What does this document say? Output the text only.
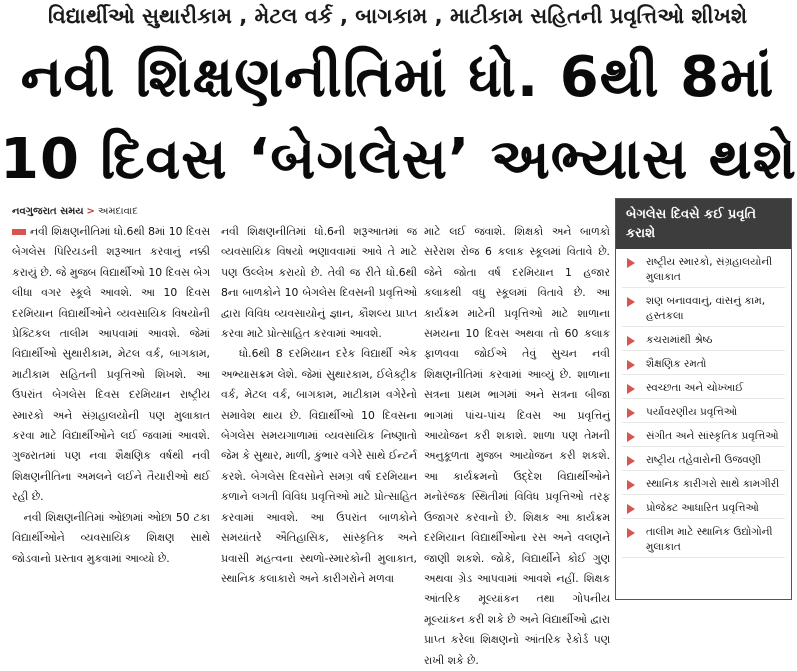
વિદ્યાર્થીઓ સુથારીકામ , મેટલ વર્ક , બાગકામ , માટીકામ સહિતની પ્રવૃત્તિઓ શીખશે
નવી શિક્ષણનીતિમાં ધો. 6થી 8માં
10 દિવસ ‘બેગલેસ’ અભ્યાસ થશે
નવગુજરાત સમય > અમદાવાદ

નવી શિક્ષણનીતિમાં ધો.6થી 8માં 10 દિવસ બેગલેસ પિરિયડની શરૂઆત કરવાનું નક્કી કરાયું છે. જે મુજબ વિદ્યાર્થીઓ 10 દિવસ બેગ લીધા વગર સ્કૂલે આવશે. આ 10 દિવસ દરમિયાન વિદ્યાર્થીઓને વ્યવસાયિક વિષયોની પ્રેક્ટિકલ તાલીમ આપવામાં આવશે. જેમાં વિદ્યાર્થીઓ સુથારીકામ, મેટલ વર્ક, બાગકામ, માટીકામ સહિતની પ્રવૃત્તિઓ શિખશે. આ ઉપરાંત બેગલેસ દિવસ દરમિયાન રાષ્ટ્રીય સ્મારકો અને સંગ્રહાલયોની પણ મુલાકાત કરવા માટે વિદ્યાર્થીઓને લઈ જવામાં આવશે. ગુજરાતમાં પણ નવા શૈક્ષણિક વર્ષથી નવી શિક્ષણનીતિના અમલને લઈને તૈયારીઓ થઈ રહી છે.

નવી શિક્ષણનીતિમાં ઓછામાં ઓછા 50 ટકા વિદ્યાર્થીઓને વ્યવસાયિક શિક્ષણ સાથે જોડવાનો પ્રસ્તાવ મુકવામાં આવ્યો છે.

નવી શિક્ષણનીતિમાં ધો.6ની શરૂઆતમાં જ વ્યવસાયિક વિષયો ભણાવવામાં આવે તે માટે પણ ઉલ્લેખ કરાયો છે. તેવી જ રીતે ધો.6થી 8ના બાળકોને 10 બેગલેસ દિવસની પ્રવૃત્તિઓ દ્વારા વિવિધ વ્યવસાયોનું જ્ઞાન, કૌશલ્ય પ્રાપ્ત કરવા માટે પ્રોત્સાહિત કરવામાં આવશે.

ધો.6થી 8 દરમિયાન દરેક વિદ્યાર્થી એક અભ્યાસક્રમ લેશે. જેમાં સુથારકામ, ઈલેક્ટ્રીક વર્ક, મેટલ વર્ક, બાગકામ, માટીકામ વગેરેનો સમાવેશ થાય છે. વિદ્યાર્થીઓ 10 દિવસના બેગલેસ સમયગાળામાં વ્યવસાયિક નિષ્ણાતો જેમ કે સુથાર, માળી, કુંભાર વગેરે સાથે ઈન્ટર્ન કરશે. બેગલેસ દિવસોને સમગ્ર વર્ષ દરમિયાન કળાને લગતી વિવિધ પ્રવૃત્તિઓ માટે પ્રોત્સાહિત કરવામાં આવશે. આ ઉપરાંત બાળકોને સમયાંતરે ઐતિહાસિક, સાંસ્કૃતિક અને પ્રવાસી મહત્વના સ્થળો-સ્મારકોની મુલાકાત, સ્થાનિક કલાકારો અને કારીગરોને મળવા

માટે લઈ જવાશે. શિક્ષકો અને બાળકો સરેરાશ રોજ 6 કલાક સ્કૂલમાં વિતાવે છે. જેને જોતા વર્ષ દરમિયાન 1 હજાર કલાકથી વધુ સ્કૂલમાં વિતાવે છે. આ કાર્યક્રમ માટેની પ્રવૃત્તિઓ માટે શાળાના સમયના 10 દિવસ અથવા તો 60 કલાક ફાળવવા જોઈએ તેવું સુચન નવી શિક્ષણનીતિમાં કરવામાં આવ્યું છે. શાળાના સત્રના પ્રથમ ભાગમાં અને સત્રના બીજા ભાગમાં પાંચ-પાંચ દિવસ આ પ્રવૃત્તિનું આયોજન કરી શકાશે. શાળા પણ તેમની અનુકૂળતા મુજબ આયોજન કરી શકશે. આ કાર્યક્રમનો ઉદ્દેશ વિદ્યાર્થીઓને મનોરંજક સ્થિતીમાં વિવિધ પ્રવૃત્તિઓ તરફ ઉજાગર કરવાનો છે. શિક્ષક આ કાર્યક્રમ દરમિયાન વિદ્યાર્થીઓના રસ અને વલણને જાણી શકશે. જોકે, વિદ્યાર્થીને કોઈ ગુણ અથવા ગ્રેડ આપવામાં આવશે નહીં. શિક્ષક આંતરિક મૂલ્યાંકન તથા ગોપનીય મૂલ્યાંકન કરી શકે છે અને વિદ્યાર્થીઓ દ્વારા પ્રાપ્ત કરેલા શિક્ષણનો આંતરિક રેકોર્ડ પણ રાખી શકે છે.

બેગલેસ દિવસે કઈ પ્રવૃતિ કરાશે
રાષ્ટ્રીય સ્મારકો, સંગ્રહાલયોની મુલાકાત
શણ બનાવવાનું, વાંસનું કામ, હસ્તકલા
કચરામાંથી શ્રેષ્ઠ
શૈક્ષણિક રમતો
સ્વચ્છતા અને ચોખ્ખાઈ
પર્યાવરણીય પ્રવૃત્તિઓ
સંગીત અને સાંસ્કૃતિક પ્રવૃત્તિઓ
રાષ્ટ્રીય તહેવારોની ઉજવણી
સ્થાનિક કારીગરો સાથે કામગીરી
પ્રોજેક્ટ આધારિત પ્રવૃત્તિઓ
તાલીમ માટે સ્થાનિક ઉદ્યોગોની મુલાકાત
